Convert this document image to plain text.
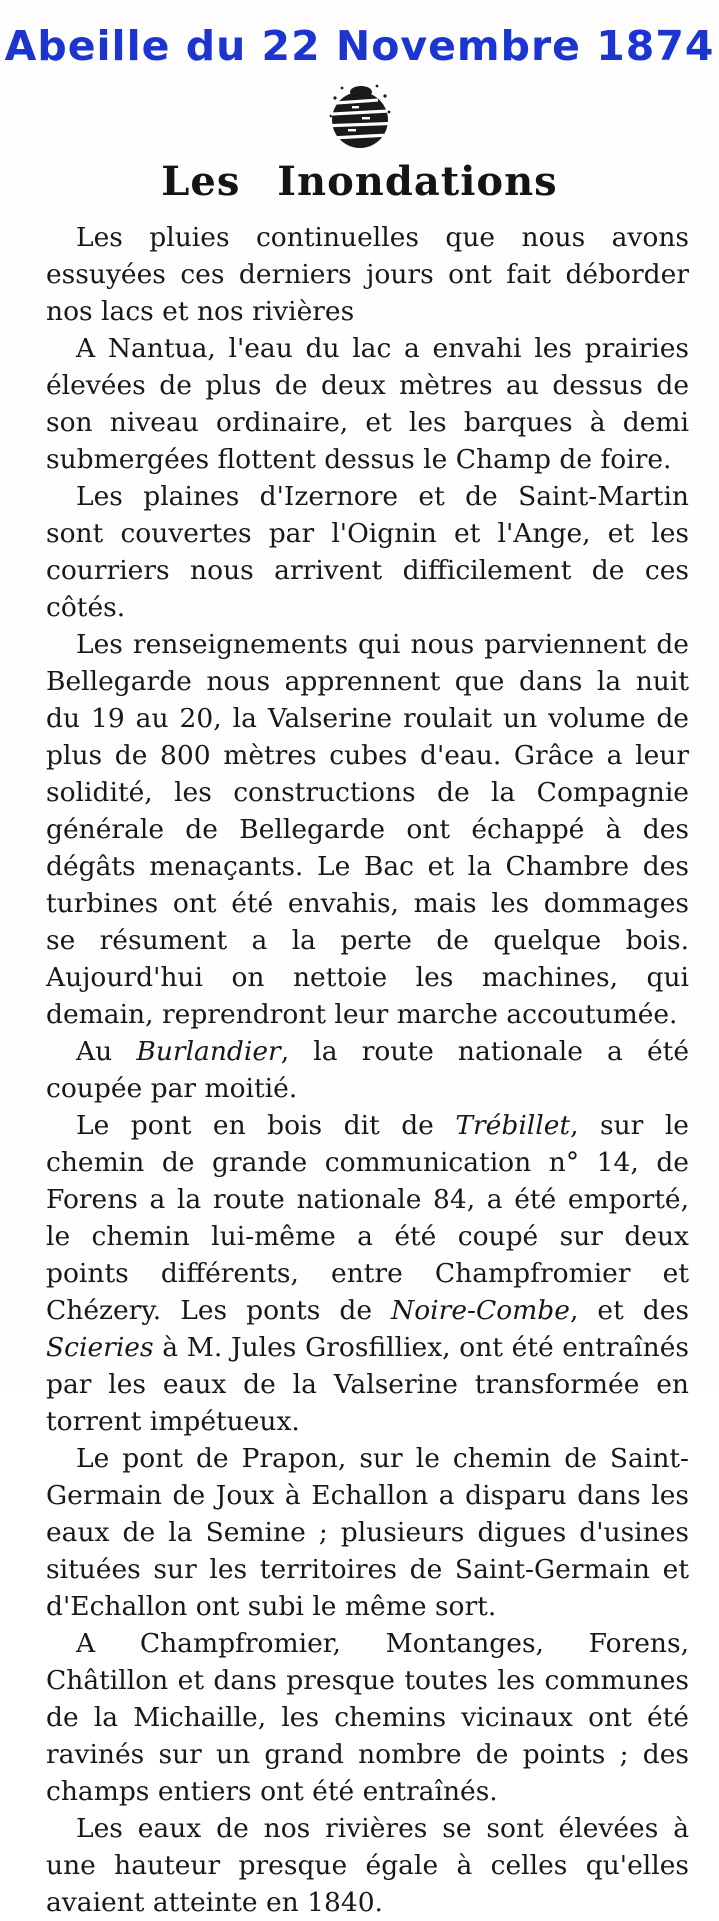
Abeille du 22 Novembre 1874
Les Inondations

Les pluies continuelles que nous avons essuyées ces derniers jours ont fait déborder nos lacs et nos rivières

A Nantua, l'eau du lac a envahi les prairies élevées de plus de deux mètres au dessus de son niveau ordinaire, et les barques à demi submergées flottent dessus le Champ de foire.

Les plaines d'Izernore et de Saint-Martin sont couvertes par l'Oignin et l'Ange, et les courriers nous arrivent difficilement de ces côtés.

Les renseignements qui nous parviennent de Bellegarde nous apprennent que dans la nuit du 19 au 20, la Valserine roulait un volume de plus de 800 mètres cubes d'eau. Grâce a leur solidité, les constructions de la Compagnie générale de Bellegarde ont échappé à des dégâts menaçants. Le Bac et la Chambre des turbines ont été envahis, mais les dommages se résument a la perte de quelque bois. Aujourd'hui on nettoie les machines, qui demain, reprendront leur marche accoutumée.

Au Burlandier, la route nationale a été coupée par moitié.

Le pont en bois dit de Trébillet, sur le chemin de grande communication n° 14, de Forens a la route nationale 84, a été emporté, le chemin lui-même a été coupé sur deux points différents, entre Champfromier et Chézery. Les ponts de Noire-Combe, et des Scieries à M. Jules Grosfilliex, ont été entraînés par les eaux de la Valserine transformée en torrent impétueux.

Le pont de Prapon, sur le chemin de Saint-Germain de Joux à Echallon a disparu dans les eaux de la Semine ; plusieurs digues d'usines situées sur les territoires de Saint-Germain et d'Echallon ont subi le même sort.

A Champfromier, Montanges, Forens, Châtillon et dans presque toutes les communes de la Michaille, les chemins vicinaux ont été ravinés sur un grand nombre de points ; des champs entiers ont été entraînés.

Les eaux de nos rivières se sont élevées à une hauteur presque égale à celles qu'elles avaient atteinte en 1840.
